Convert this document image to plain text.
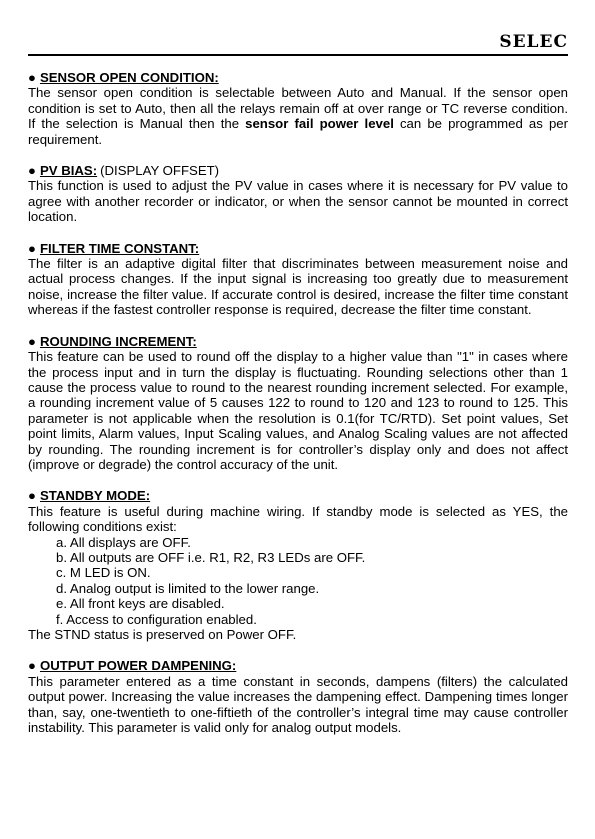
SELEC
● SENSOR OPEN CONDITION:

The sensor open condition is selectable between Auto and Manual. If the sensor open condition is set to Auto, then all the relays remain off at over range or TC reverse condition. If the selection is Manual then the sensor fail power level can be programmed as per requirement.

● PV BIAS: (DISPLAY OFFSET)

This function is used to adjust the PV value in cases where it is necessary for PV value to agree with another recorder or indicator, or when the sensor cannot be mounted in correct location.

● FILTER TIME CONSTANT:

The filter is an adaptive digital filter that discriminates between measurement noise and actual process changes. If the input signal is increasing too greatly due to measurement noise, increase the filter value. If accurate control is desired, increase the filter time constant whereas if the fastest controller response is required, decrease the filter time constant.

● ROUNDING INCREMENT:

This feature can be used to round off the display to a higher value than "1" in cases where the process input and in turn the display is fluctuating. Rounding selections other than 1 cause the process value to round to the nearest rounding increment selected. For example, a rounding increment value of 5 causes 122 to round to 120 and 123 to round to 125. This parameter is not applicable when the resolution is 0.1(for TC/RTD). Set point values, Set point limits, Alarm values, Input Scaling values, and Analog Scaling values are not affected by rounding. The rounding increment is for controller’s display only and does not affect (improve or degrade) the control accuracy of the unit.

● STANDBY MODE:

This feature is useful during machine wiring. If standby mode is selected as YES, the following conditions exist:

a. All displays are OFF.
b. All outputs are OFF i.e. R1, R2, R3 LEDs are OFF.
c. M LED is ON.
d. Analog output is limited to the lower range.
e. All front keys are disabled.
f. Access to configuration enabled.

The STND status is preserved on Power OFF.

● OUTPUT POWER DAMPENING:

This parameter entered as a time constant in seconds, dampens (filters) the calculated output power. Increasing the value increases the dampening effect. Dampening times longer than, say, one-twentieth to one-fiftieth of the controller’s integral time may cause controller instability. This parameter is valid only for analog output models.
